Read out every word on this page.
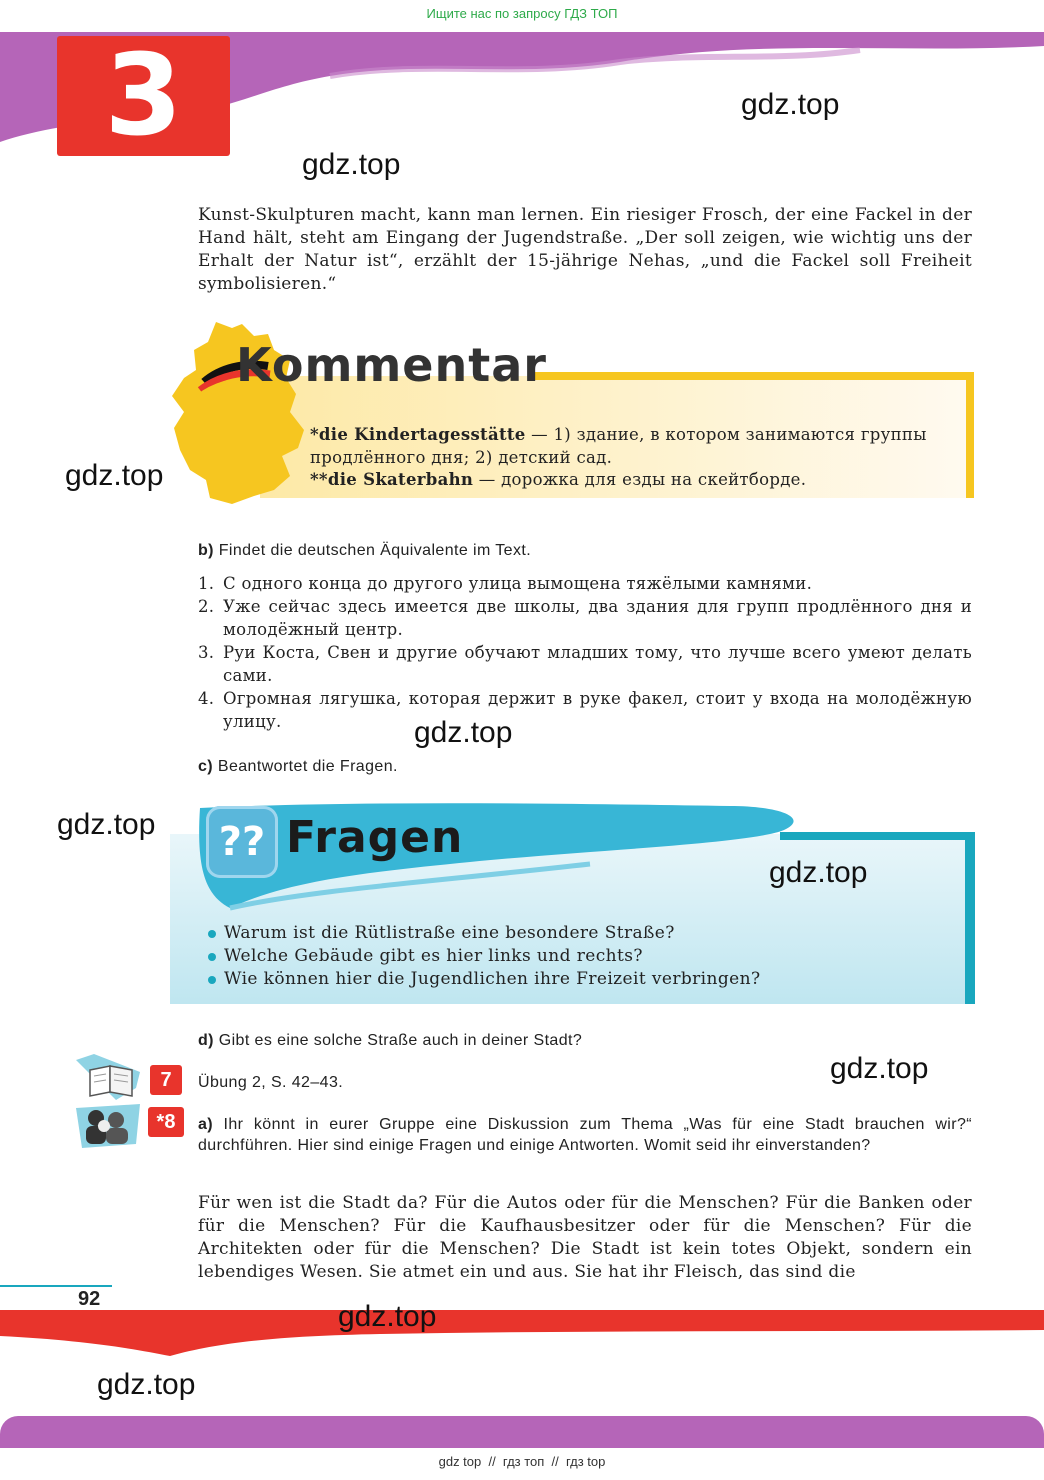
Ищите нас по запросу ГДЗ ТОП
3	gdz.top
gdz.top
Kunst-Skulpturen macht, kann man lernen. Ein riesiger Frosch, der eine Fackel in der Hand hält, steht am Eingang der Jugendstraße. „Der soll zeigen, wie wichtig uns der Erhalt der Natur ist“, erzählt der 15-jährige Nehas, „und die Fackel soll Freiheit symbolisieren.“
Kommentar
*die Kindertagesstätte — 1) здание, в котором занимаются группы продлённого дня; 2) детский сад.
**die Skaterbahn — дорожка для езды на скейтборде.
gdz.top
b) Findet die deutschen Äquivalente im Text.
1. С одного конца до другого улица вымощена тяжёлыми камнями.
2. Уже сейчас здесь имеется две школы, два здания для групп продлённого дня и молодёжный центр.
3. Руи Коста, Свен и другие обучают младших тому, что лучше всего умеют делать сами.
4. Огромная лягушка, которая держит в руке факел, стоит у входа на молодёжную улицу.	gdz.top
c) Beantwortet die Fragen.
gdz.top	?? Fragen
gdz.top
Warum ist die Rütlistraße eine besondere Straße?
Welche Gebäude gibt es hier links und rechts?
Wie können hier die Jugendlichen ihre Freizeit verbringen?
d) Gibt es eine solche Straße auch in deiner Stadt?
7	Übung 2, S. 42–43.	gdz.top
*8	a) Ihr könnt in eurer Gruppe eine Diskussion zum Thema „Was für eine Stadt brauchen wir?“ durchführen. Hier sind einige Fragen und einige Antworten. Womit seid ihr einverstanden?
Für wen ist die Stadt da? Für die Autos oder für die Menschen? Für die Banken oder für die Menschen? Für die Kaufhausbesitzer oder für die Menschen? Für die Architekten oder für die Menschen? Die Stadt ist kein totes Objekt, sondern ein lebendiges Wesen. Sie atmet ein und aus. Sie hat ihr Fleisch, das sind die
92
gdz.top
gdz.top
gdz top  //  гдз топ  //  гдз top
